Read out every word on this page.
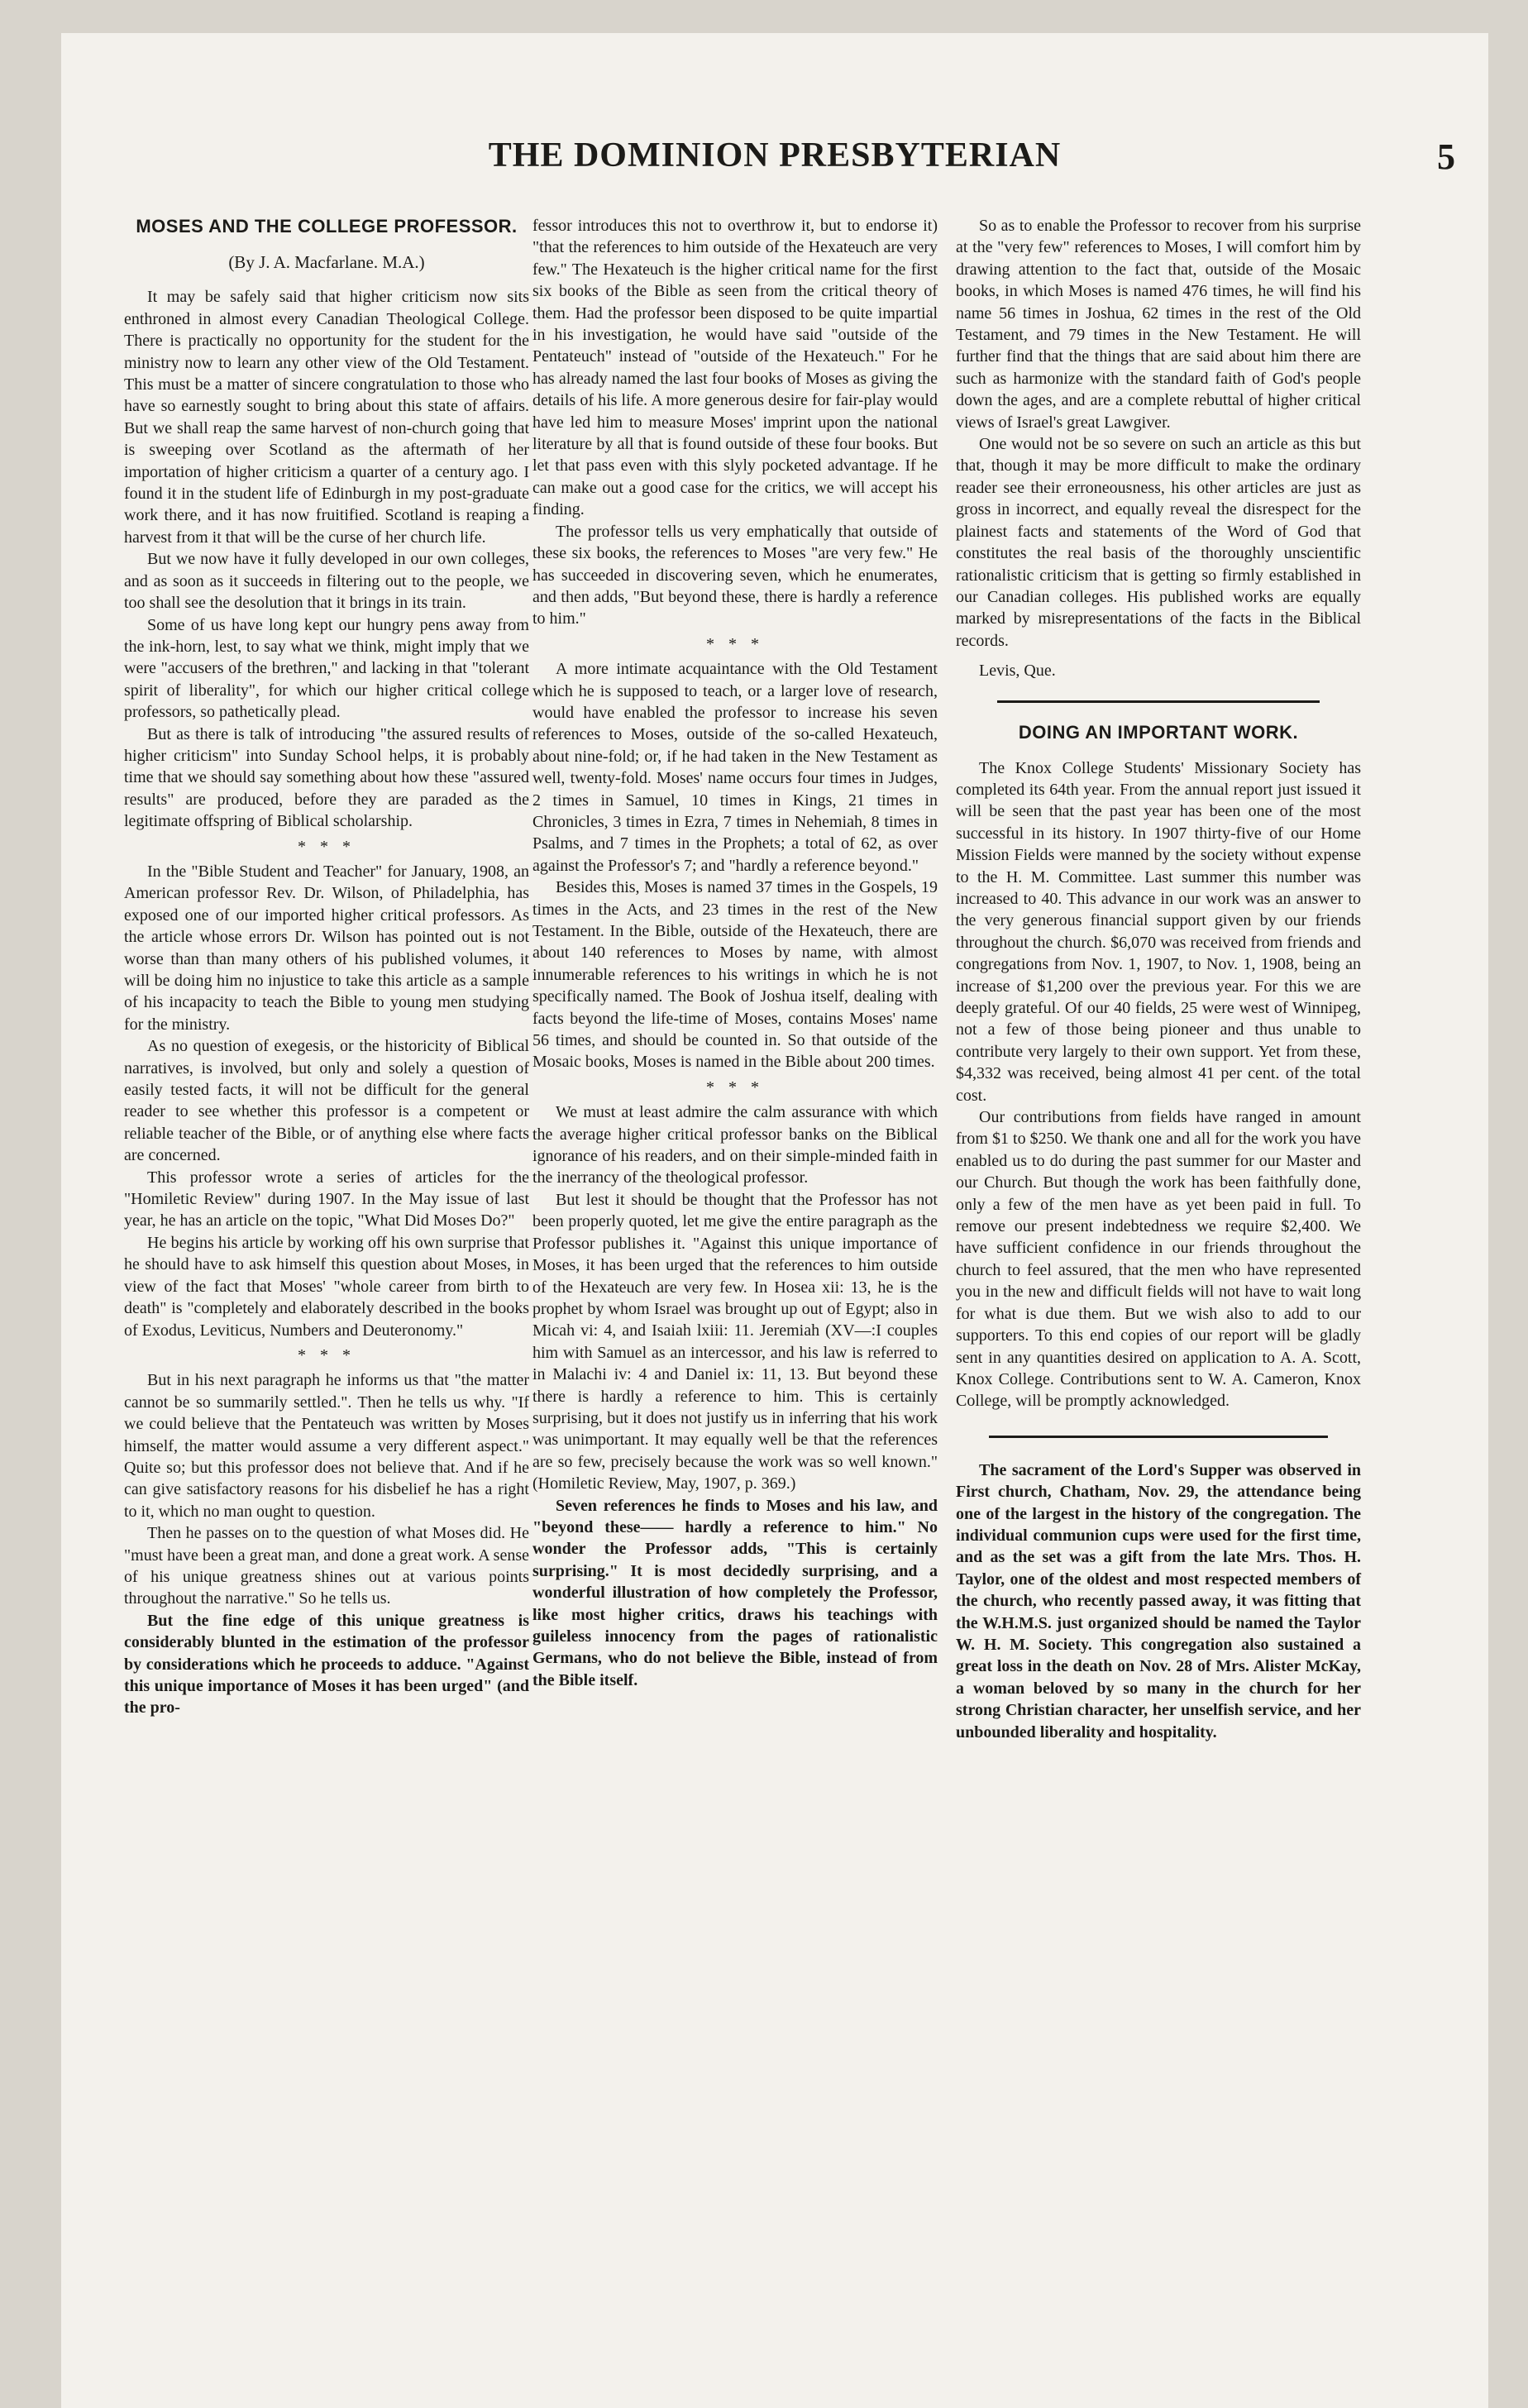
THE DOMINION PRESBYTERIAN	5
MOSES AND THE COLLEGE PROFESSOR.
(By J. A. Macfarlane. M.A.)

It may be safely said that higher criticism now sits enthroned in almost every Canadian Theological College. There is practically no opportunity for the student for the ministry now to learn any other view of the Old Testament. This must be a matter of sincere congratulation to those who have so earnestly sought to bring about this state of affairs. But we shall reap the same harvest of non-church going that is sweeping over Scotland as the aftermath of her importation of higher criticism a quarter of a century ago. I found it in the student life of Edinburgh in my post-graduate work there, and it has now fruitified. Scotland is reaping a harvest from it that will be the curse of her church life.

But we now have it fully developed in our own colleges, and as soon as it succeeds in filtering out to the people, we too shall see the desolution that it brings in its train.

Some of us have long kept our hungry pens away from the ink-horn, lest, to say what we think, might imply that we were "accusers of the brethren," and lacking in that "tolerant spirit of liberality", for which our higher critical college professors, so pathetically plead.

But as there is talk of introducing "the assured results of higher criticism" into Sunday School helps, it is probably time that we should say something about how these "assured results" are produced, before they are paraded as the legitimate offspring of Biblical scholarship.

* * *

In the "Bible Student and Teacher" for January, 1908, an American professor Rev. Dr. Wilson, of Philadelphia, has exposed one of our imported higher critical professors. As the article whose errors Dr. Wilson has pointed out is not worse than than many others of his published volumes, it will be doing him no injustice to take this article as a sample of his incapacity to teach the Bible to young men studying for the ministry.

As no question of exegesis, or the historicity of Biblical narratives, is involved, but only and solely a question of easily tested facts, it will not be difficult for the general reader to see whether this professor is a competent or reliable teacher of the Bible, or of anything else where facts are concerned.

This professor wrote a series of articles for the "Homiletic Review" during 1907. In the May issue of last year, he has an article on the topic, "What Did Moses Do?"

He begins his article by working off his own surprise that he should have to ask himself this question about Moses, in view of the fact that Moses' "whole career from birth to death" is "completely and elaborately described in the books of Exodus, Leviticus, Numbers and Deuteronomy."

* * *

But in his next paragraph he informs us that "the matter cannot be so summarily settled.". Then he tells us why. "If we could believe that the Pentateuch was written by Moses himself, the matter would assume a very different aspect." Quite so; but this professor does not believe that. And if he can give satisfactory reasons for his disbelief he has a right to it, which no man ought to question.

Then he passes on to the question of what Moses did. He "must have been a great man, and done a great work. A sense of his unique greatness shines out at various points throughout the narrative." So he tells us.

But the fine edge of this unique greatness is considerably blunted in the estimation of the professor by considerations which he proceeds to adduce. "Against this unique importance of Moses it has been urged" (and the pro-

fessor introduces this not to overthrow it, but to endorse it) "that the references to him outside of the Hexateuch are very few." The Hexateuch is the higher critical name for the first six books of the Bible as seen from the critical theory of them. Had the professor been disposed to be quite impartial in his investigation, he would have said "outside of the Pentateuch" instead of "outside of the Hexateuch." For he has already named the last four books of Moses as giving the details of his life. A more generous desire for fair-play would have led him to measure Moses' imprint upon the national literature by all that is found outside of these four books. But let that pass even with this slyly pocketed advantage. If he can make out a good case for the critics, we will accept his finding.

The professor tells us very emphatically that outside of these six books, the references to Moses "are very few." He has succeeded in discovering seven, which he enumerates, and then adds, "But beyond these, there is hardly a reference to him."

* * *

A more intimate acquaintance with the Old Testament which he is supposed to teach, or a larger love of research, would have enabled the professor to increase his seven references to Moses, outside of the so-called Hexateuch, about nine-fold; or, if he had taken in the New Testament as well, twenty-fold. Moses' name occurs four times in Judges, 2 times in Samuel, 10 times in Kings, 21 times in Chronicles, 3 times in Ezra, 7 times in Nehemiah, 8 times in Psalms, and 7 times in the Prophets; a total of 62, as over against the Professor's 7; and "hardly a reference beyond."

Besides this, Moses is named 37 times in the Gospels, 19 times in the Acts, and 23 times in the rest of the New Testament. In the Bible, outside of the Hexateuch, there are about 140 references to Moses by name, with almost innumerable references to his writings in which he is not specifically named. The Book of Joshua itself, dealing with facts beyond the life-time of Moses, contains Moses' name 56 times, and should be counted in. So that outside of the Mosaic books, Moses is named in the Bible about 200 times.

* * *

We must at least admire the calm assurance with which the average higher critical professor banks on the Biblical ignorance of his readers, and on their simple-minded faith in the inerrancy of the theological professor.

But lest it should be thought that the Professor has not been properly quoted, let me give the entire paragraph as the Professor publishes it. "Against this unique importance of Moses, it has been urged that the references to him outside of the Hexateuch are very few. In Hosea xii: 13, he is the prophet by whom Israel was brought up out of Egypt; also in Micah vi: 4, and Isaiah lxiii: 11. Jeremiah (XV—:I couples him with Samuel as an intercessor, and his law is referred to in Malachi iv: 4 and Daniel ix: 11, 13. But beyond these there is hardly a reference to him. This is certainly surprising, but it does not justify us in inferring that his work was unimportant. It may equally well be that the references are so few, precisely because the work was so well known." (Homiletic Review, May, 1907, p. 369.)

Seven references he finds to Moses and his law, and "beyond these—— hardly a reference to him." No wonder the Professor adds, "This is certainly surprising." It is most decidedly surprising, and a wonderful illustration of how completely the Professor, like most higher critics, draws his teachings with guileless innocency from the pages of rationalistic Germans, who do not believe the Bible, instead of from the Bible itself.

So as to enable the Professor to recover from his surprise at the "very few" references to Moses, I will comfort him by drawing attention to the fact that, outside of the Mosaic books, in which Moses is named 476 times, he will find his name 56 times in Joshua, 62 times in the rest of the Old Testament, and 79 times in the New Testament. He will further find that the things that are said about him there are such as harmonize with the standard faith of God's people down the ages, and are a complete rebuttal of higher critical views of Israel's great Lawgiver.

One would not be so severe on such an article as this but that, though it may be more difficult to make the ordinary reader see their erroneousness, his other articles are just as gross in incorrect, and equally reveal the disrespect for the plainest facts and statements of the Word of God that constitutes the real basis of the thoroughly unscientific rationalistic criticism that is getting so firmly established in our Canadian colleges. His published works are equally marked by misrepresentations of the facts in the Biblical records.

Levis, Que.
DOING AN IMPORTANT WORK.

The Knox College Students' Missionary Society has completed its 64th year. From the annual report just issued it will be seen that the past year has been one of the most successful in its history. In 1907 thirty-five of our Home Mission Fields were manned by the society without expense to the H. M. Committee. Last summer this number was increased to 40. This advance in our work was an answer to the very generous financial support given by our friends throughout the church. $6,070 was received from friends and congregations from Nov. 1, 1907, to Nov. 1, 1908, being an increase of $1,200 over the previous year. For this we are deeply grateful. Of our 40 fields, 25 were west of Winnipeg, not a few of those being pioneer and thus unable to contribute very largely to their own support. Yet from these, $4,332 was received, being almost 41 per cent. of the total cost.

Our contributions from fields have ranged in amount from $1 to $250. We thank one and all for the work you have enabled us to do during the past summer for our Master and our Church. But though the work has been faithfully done, only a few of the men have as yet been paid in full. To remove our present indebtedness we require $2,400. We have sufficient confidence in our friends throughout the church to feel assured, that the men who have represented you in the new and difficult fields will not have to wait long for what is due them. But we wish also to add to our supporters. To this end copies of our report will be gladly sent in any quantities desired on application to A. A. Scott, Knox College. Contributions sent to W. A. Cameron, Knox College, will be promptly acknowledged.

The sacrament of the Lord's Supper was observed in First church, Chatham, Nov. 29, the attendance being one of the largest in the history of the congregation. The individual communion cups were used for the first time, and as the set was a gift from the late Mrs. Thos. H. Taylor, one of the oldest and most respected members of the church, who recently passed away, it was fitting that the W.H.M.S. just organized should be named the Taylor W. H. M. Society. This congregation also sustained a great loss in the death on Nov. 28 of Mrs. Alister McKay, a woman beloved by so many in the church for her strong Christian character, her unselfish service, and her unbounded liberality and hospitality.
